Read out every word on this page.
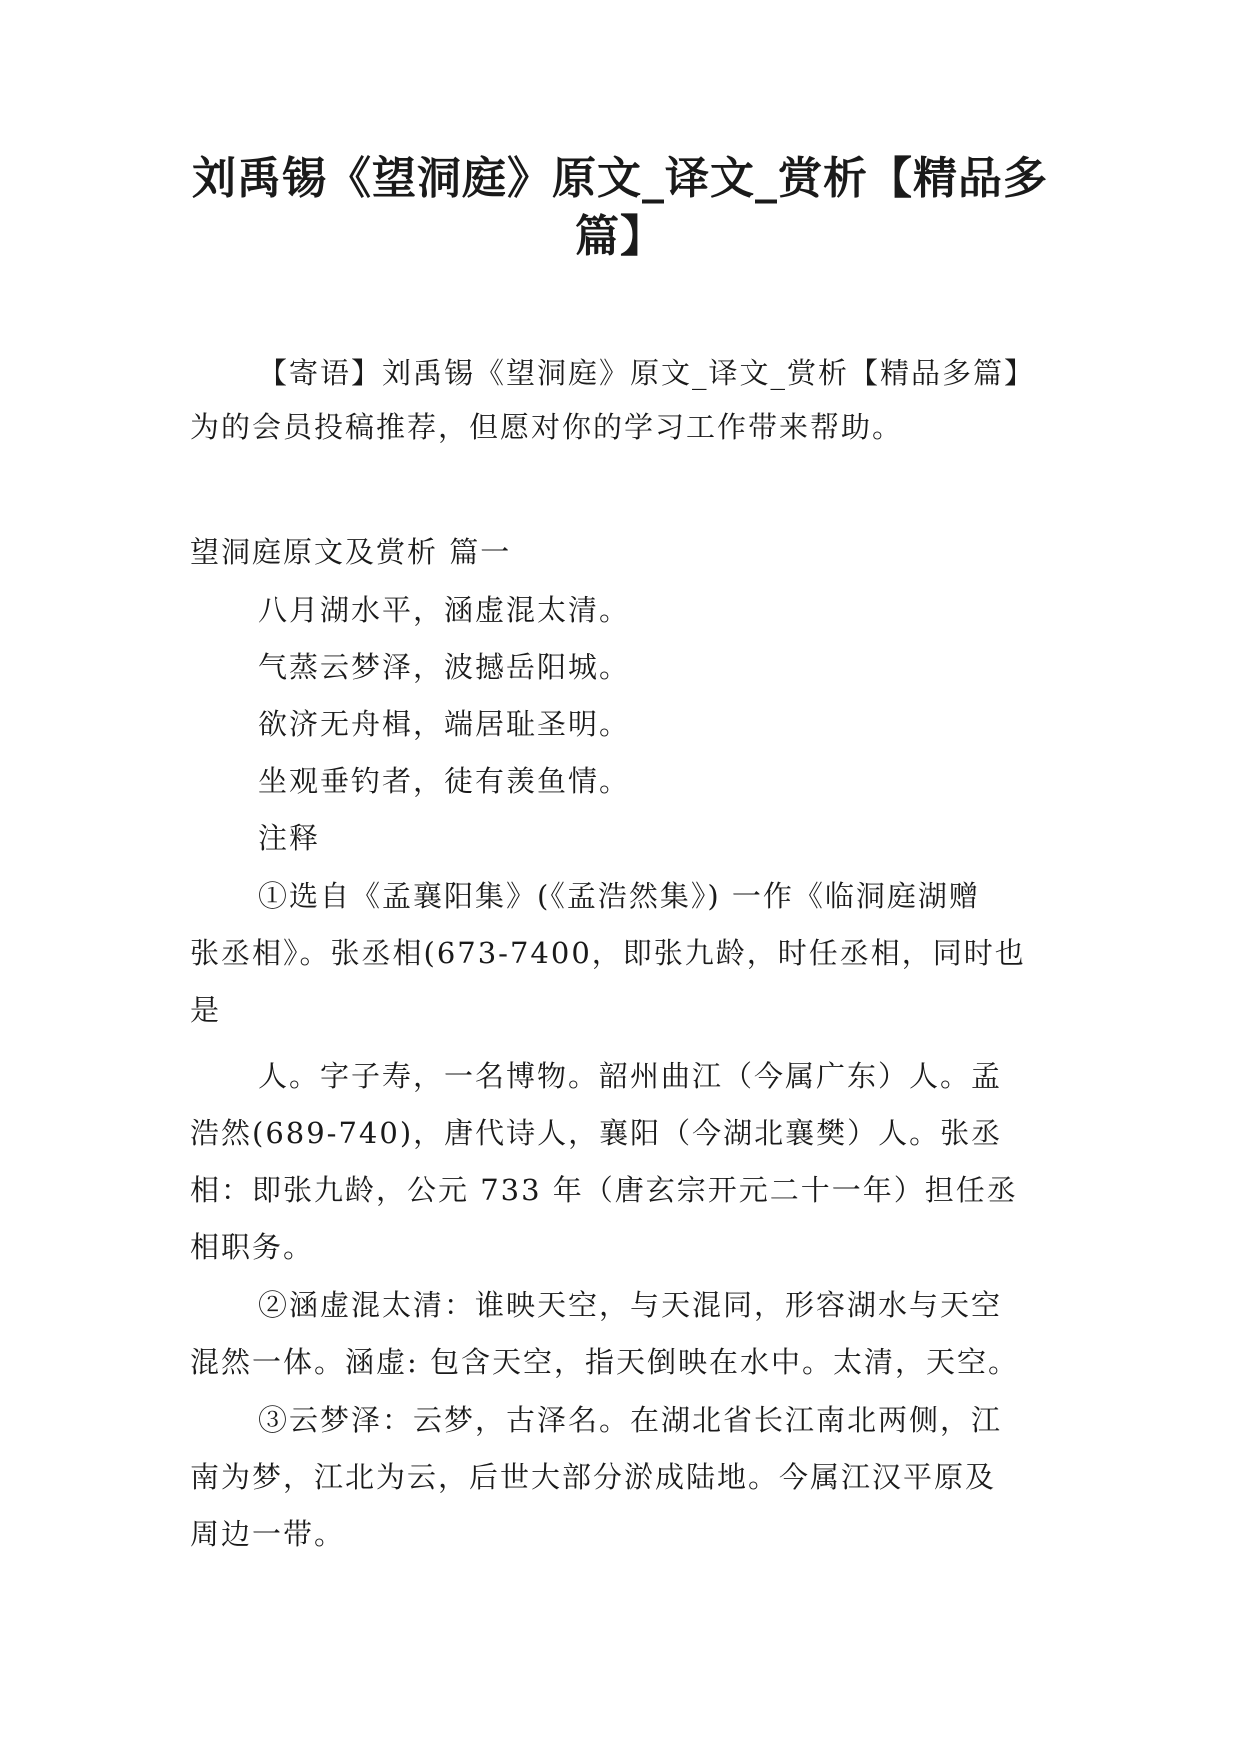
刘禹锡《望洞庭》原文_译文_赏析【精品多
篇】

【寄语】刘禹锡《望洞庭》原文_译文_赏析【精品多篇】

为的会员投稿推荐，但愿对你的学习工作带来帮助。

望洞庭原文及赏析 篇一

八月湖水平，涵虚混太清。

气蒸云梦泽，波撼岳阳城。

欲济无舟楫，端居耻圣明。

坐观垂钓者，徒有羡鱼情。

注释

①选自《孟襄阳集》(《孟浩然集》) 一作《临洞庭湖赠

张丞相》。张丞相(673-7400，即张九龄，时任丞相，同时也

是

人。字子寿，一名博物。韶州曲江（今属广东）人。孟

浩然(689-740)，唐代诗人，襄阳（今湖北襄樊）人。张丞

相：即张九龄，公元 733 年（唐玄宗开元二十一年）担任丞

相职务。

②涵虚混太清：谁映天空，与天混同，形容湖水与天空

混然一体。涵虚: 包含天空，指天倒映在水中。太清，天空。

③云梦泽：云梦，古泽名。在湖北省长江南北两侧，江

南为梦，江北为云，后世大部分淤成陆地。今属江汉平原及

周边一带。
